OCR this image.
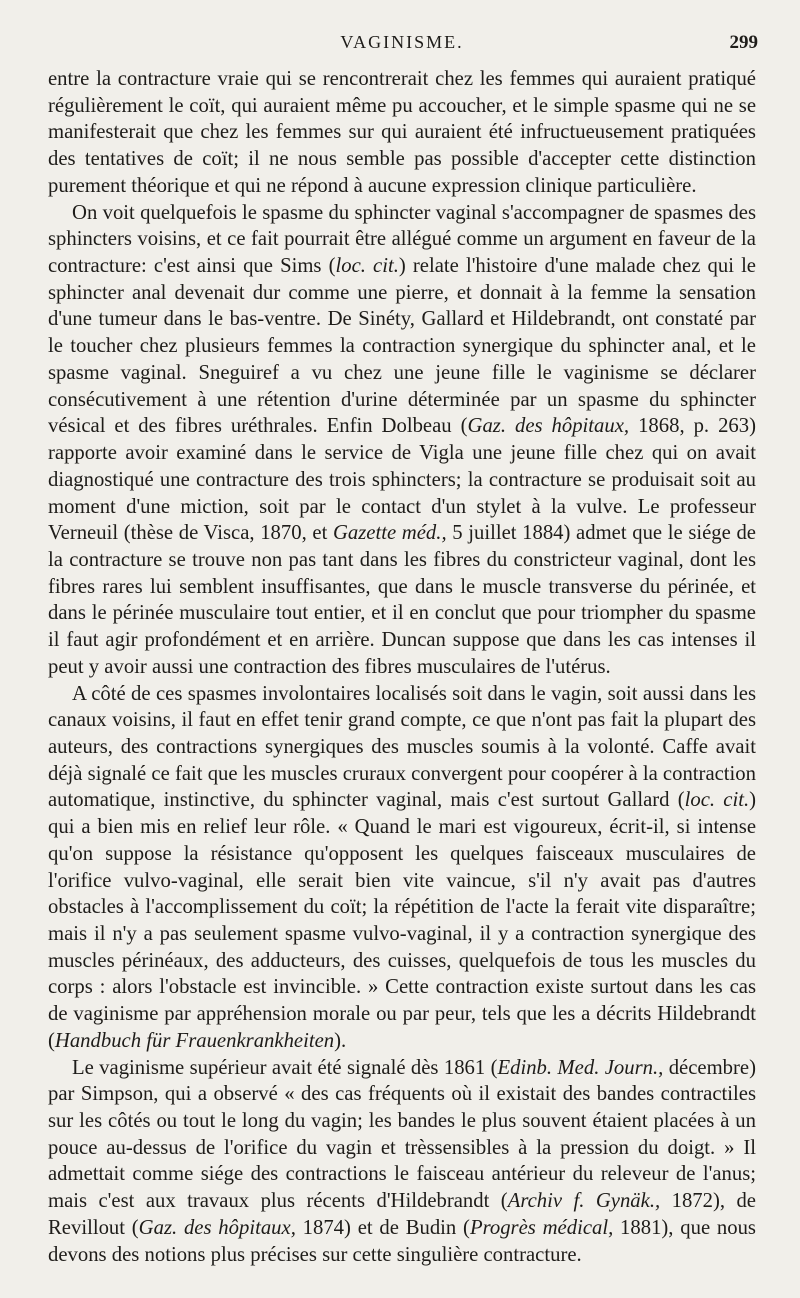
VAGINISME.	299

entre la contracture vraie qui se rencontrerait chez les femmes qui auraient pratiqué régulièrement le coït, qui auraient même pu accoucher, et le simple spasme qui ne se manifesterait que chez les femmes sur qui auraient été infructueusement pratiquées des tentatives de coït; il ne nous semble pas possible d'accepter cette distinction purement théorique et qui ne répond à aucune expression clinique particulière.

On voit quelquefois le spasme du sphincter vaginal s'accompagner de spasmes des sphincters voisins, et ce fait pourrait être allégué comme un argument en faveur de la contracture: c'est ainsi que Sims (loc. cit.) relate l'histoire d'une malade chez qui le sphincter anal devenait dur comme une pierre, et donnait à la femme la sensation d'une tumeur dans le bas-ventre. De Sinéty, Gallard et Hildebrandt, ont constaté par le toucher chez plusieurs femmes la contraction synergique du sphincter anal, et le spasme vaginal. Sneguiref a vu chez une jeune fille le vaginisme se déclarer consécutivement à une rétention d'urine déterminée par un spasme du sphincter vésical et des fibres uréthrales. Enfin Dolbeau (Gaz. des hôpitaux, 1868, p. 263) rapporte avoir examiné dans le service de Vigla une jeune fille chez qui on avait diagnostiqué une contracture des trois sphincters; la contracture se produisait soit au moment d'une miction, soit par le contact d'un stylet à la vulve. Le professeur Verneuil (thèse de Visca, 1870, et Gazette méd., 5 juillet 1884) admet que le siége de la contracture se trouve non pas tant dans les fibres du constricteur vaginal, dont les fibres rares lui semblent insuffisantes, que dans le muscle transverse du périnée, et dans le périnée musculaire tout entier, et il en conclut que pour triompher du spasme il faut agir profondément et en arrière. Duncan suppose que dans les cas intenses il peut y avoir aussi une contraction des fibres musculaires de l'utérus.

A côté de ces spasmes involontaires localisés soit dans le vagin, soit aussi dans les canaux voisins, il faut en effet tenir grand compte, ce que n'ont pas fait la plupart des auteurs, des contractions synergiques des muscles soumis à la volonté. Caffe avait déjà signalé ce fait que les muscles cruraux convergent pour coopérer à la contraction automatique, instinctive, du sphincter vaginal, mais c'est surtout Gallard (loc. cit.) qui a bien mis en relief leur rôle. « Quand le mari est vigoureux, écrit-il, si intense qu'on suppose la résistance qu'opposent les quelques faisceaux musculaires de l'orifice vulvo-vaginal, elle serait bien vite vaincue, s'il n'y avait pas d'autres obstacles à l'accomplissement du coït; la répétition de l'acte la ferait vite disparaître; mais il n'y a pas seulement spasme vulvo-vaginal, il y a contraction synergique des muscles périnéaux, des adducteurs, des cuisses, quelquefois de tous les muscles du corps : alors l'obstacle est invincible. » Cette contraction existe surtout dans les cas de vaginisme par appréhension morale ou par peur, tels que les a décrits Hildebrandt (Handbuch für Frauenkrankheiten).

Le vaginisme supérieur avait été signalé dès 1861 (Edinb. Med. Journ., décembre) par Simpson, qui a observé « des cas fréquents où il existait des bandes contractiles sur les côtés ou tout le long du vagin; les bandes le plus souvent étaient placées à un pouce au-dessus de l'orifice du vagin et trèssensibles à la pression du doigt. » Il admettait comme siége des contractions le faisceau antérieur du releveur de l'anus; mais c'est aux travaux plus récents d'Hildebrandt (Archiv f. Gynäk., 1872), de Revillout (Gaz. des hôpitaux, 1874) et de Budin (Progrès médical, 1881), que nous devons des notions plus précises sur cette singulière contracture.
